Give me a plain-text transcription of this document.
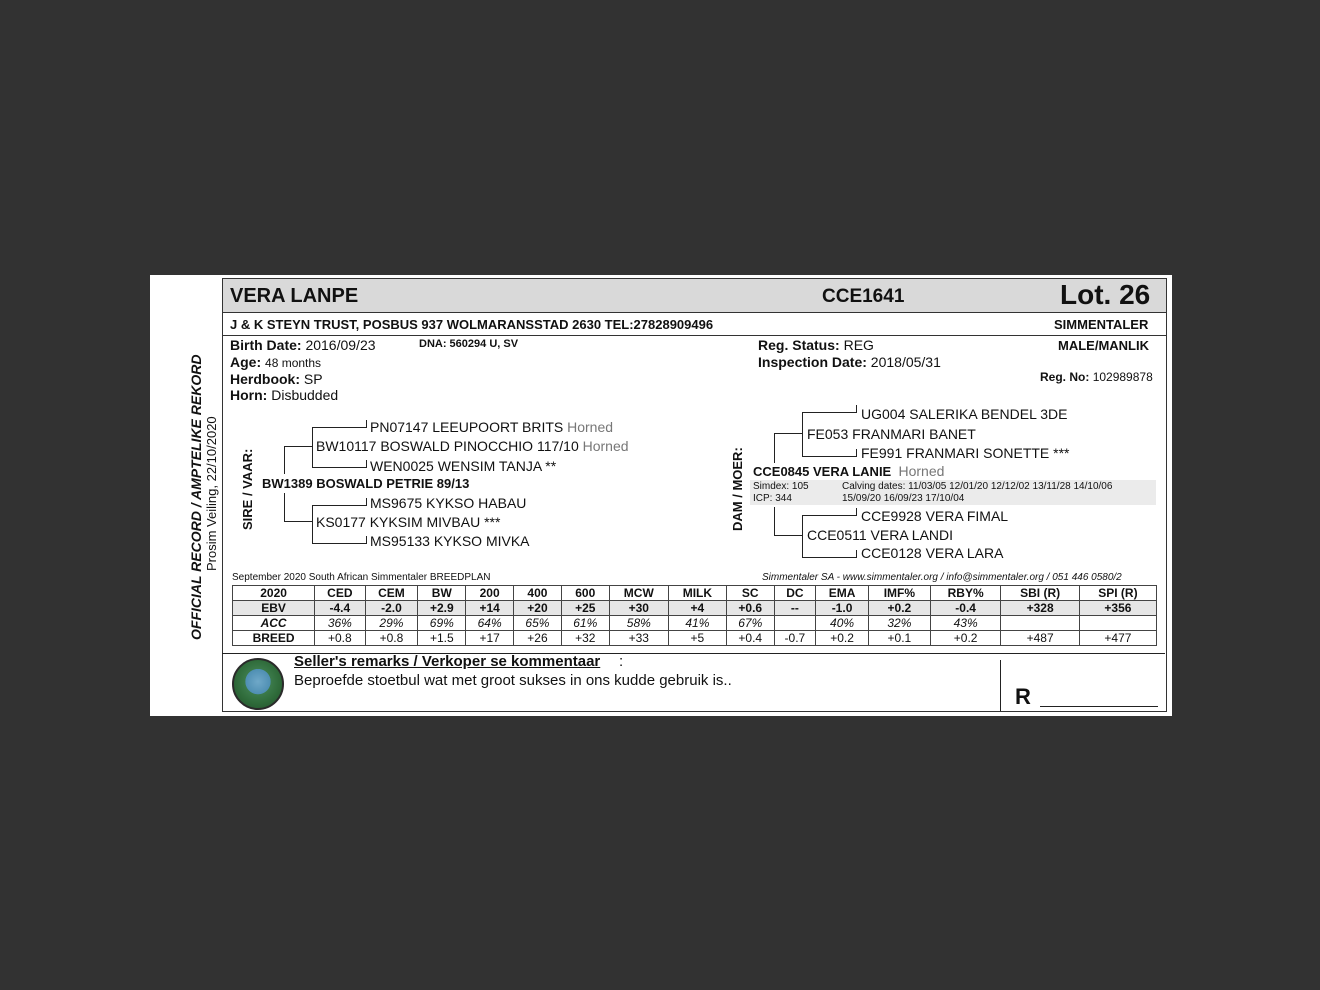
OFFICIAL RECORD / AMPTELIKE REKORD Prosim Veiling, 22/10/2020
VERA LANPE	CCE1641	Lot. 26
J & K STEYN TRUST, POSBUS 937 WOLMARANSSTAD 2630 TEL:27828909496	SIMMENTALER
Birth Date: 2016/09/23	DNA: 560294 U, SV
Age: 48 months
Herdbook: SP
Horn: Disbudded
Reg. Status: REG
Inspection Date: 2018/05/31
MALE/MANLIK
Reg. No: 102989878
SIRE / VAAR: BW1389 BOSWALD PETRIE 89/13
BW10117 BOSWALD PINOCCHIO 117/10 Horned
PN07147 LEEUPOORT BRITS Horned
WEN0025 WENSIM TANJA **
KS0177 KYKSIM MIVBAU ***
MS9675 KYKSO HABAU
MS95133 KYKSO MIVKA
DAM / MOER:
FE053 FRANMARI BANET
UG004 SALERIKA BENDEL 3DE
FE991 FRANMARI SONETTE ***
CCE0845 VERA LANIE Horned
Simdex: 105
ICP: 344
Calving dates: 11/03/05 12/01/20 12/12/02 13/11/28 14/10/06
15/09/20 16/09/23 17/10/04
CCE0511 VERA LANDI
CCE9928 VERA FIMAL
CCE0128 VERA LARA
September 2020 South African Simmentaler BREEDPLAN	Simmentaler SA - www.simmentaler.org / info@simmentaler.org / 051 446 0580/2
2020	CED	CEM	BW	200	400	600	MCW	MILK	SC	DC	EMA	IMF%	RBY%	SBI (R)	SPI (R)
EBV	-4.4	-2.0	+2.9	+14	+20	+25	+30	+4	+0.6	--	-1.0	+0.2	-0.4	+328	+356
ACC	36%	29%	69%	64%	65%	61%	58%	41%	67%		40%	32%	43%		
BREED	+0.8	+0.8	+1.5	+17	+26	+32	+33	+5	+0.4	-0.7	+0.2	+0.1	+0.2	+487	+477
Seller's remarks / Verkoper se kommentaar :
Beproefde stoetbul wat met groot sukses in ons kudde gebruik is..
R
